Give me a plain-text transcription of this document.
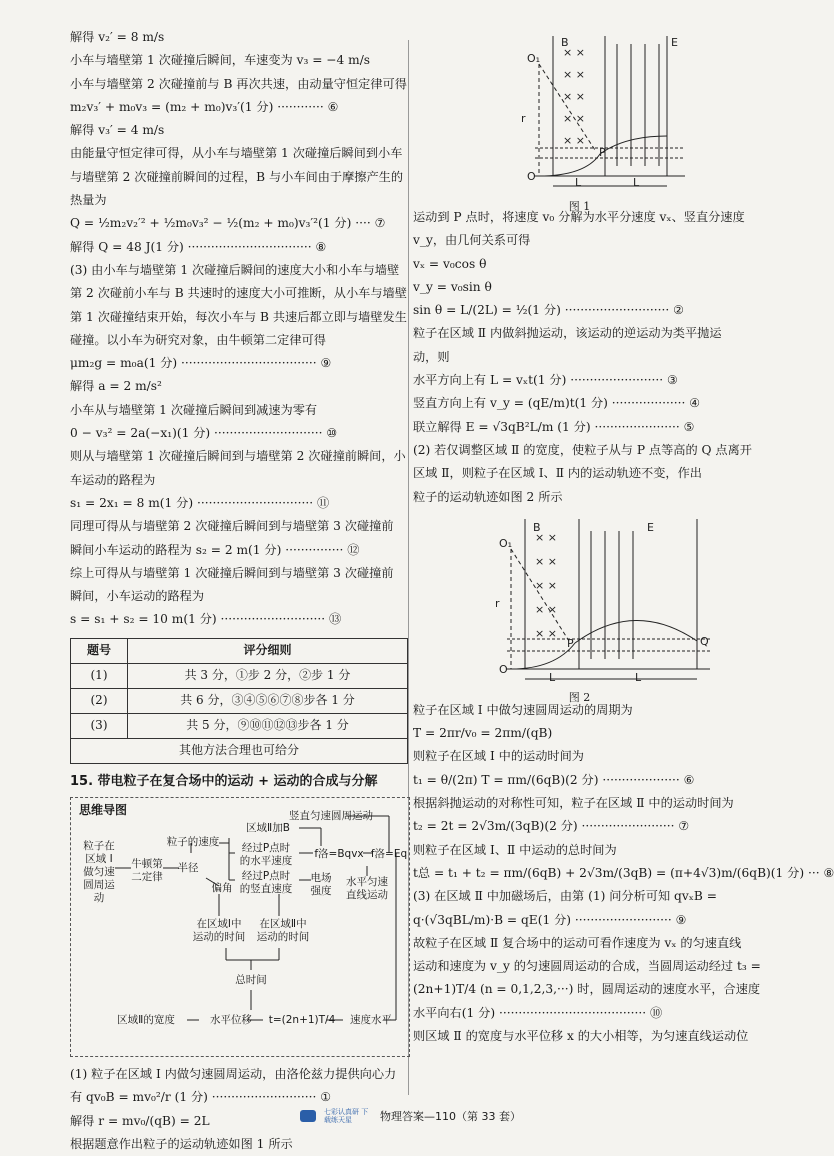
解得 v₂′ = 8 m/s
小车与墙壁第 1 次碰撞后瞬间，车速变为 v₃ = −4 m/s
小车与墙壁第 2 次碰撞前与 B 再次共速，由动量守恒定律可得
m₂v₃′ + m₀v₃ = (m₂ + m₀)v₃′(1 分) ············ ⑥
解得 v₃′ = 4 m/s
由能量守恒定律可得，从小车与墙壁第 1 次碰撞后瞬间到小车
与墙壁第 2 次碰撞前瞬间的过程，B 与小车间由于摩擦产生的
热量为
Q = ½m₂v₂′² + ½m₀v₃² − ½(m₂ + m₀)v₃′²(1 分) ···· ⑦
解得 Q = 48 J(1 分) ································ ⑧
(3) 由小车与墙壁第 1 次碰撞后瞬间的速度大小和小车与墙壁
第 2 次碰前小车与 B 共速时的速度大小可推断，从小车与墙壁
第 1 次碰撞结束开始，每次小车与 B 共速后都立即与墙壁发生
碰撞。以小车为研究对象，由牛顿第二定律可得
μm₂g = m₀a(1 分) ··································· ⑨
解得 a = 2 m/s²
小车从与墙壁第 1 次碰撞后瞬间到减速为零有
0 − v₃² = 2a(−x₁)(1 分) ···························· ⑩
则从与墙壁第 1 次碰撞后瞬间到与墙壁第 2 次碰撞前瞬间，小
车运动的路程为
s₁ = 2x₁ = 8 m(1 分) ······························ ⑪
同理可得从与墙壁第 2 次碰撞后瞬间到与墙壁第 3 次碰撞前
瞬间小车运动的路程为 s₂ = 2 m(1 分) ··············· ⑫
综上可得从与墙壁第 1 次碰撞后瞬间到与墙壁第 3 次碰撞前
瞬间，小车运动的路程为
s = s₁ + s₂ = 10 m(1 分) ··························· ⑬
题号	评分细则
(1)	共 3 分，①步 2 分，②步 1 分
(2)	共 6 分，③④⑤⑥⑦⑧步各 1 分
(3)	共 5 分，⑨⑩⑪⑫⑬步各 1 分
其他方法合理也可给分	
15. 带电粒子在复合场中的运动 + 运动的合成与分解
思维导图
粒子在
区域 Ⅰ
做匀速
圆周运动
牛顿第
二定律
半径
偏角
粒子的速度	经过P点时
的水平速度
经过P点时
的竖直速度
区域Ⅱ加B
f洛=Bqvx f洛=Eq
电场
强度
竖直匀速圆周运动
水平匀速
直线运动
在区域Ⅰ中
运动的时间
在区域Ⅱ中
运动的时间
总时间
区域Ⅱ的宽度	水平位移	t=(2n+1)T/4	速度水平
(1) 粒子在区域 Ⅰ 内做匀速圆周运动，由洛伦兹力提供向心力
有 qv₀B = mv₀²/r (1 分) ··························· ①
解得 r = mv₀/(qB) = 2L
根据题意作出粒子的运动轨迹如图 1 所示
× ×
× ×
× ×
× ×
× ×
O
O₁
r
L	L
E
B
P
图 1
运动到 P 点时，将速度 v₀ 分解为水平分速度 vₓ、竖直分速度
v_y，由几何关系可得
vₓ = v₀cos θ
v_y = v₀sin θ
sin θ = L/(2L) = ½(1 分) ··························· ②
粒子在区域 Ⅱ 内做斜抛运动，该运动的逆运动为类平抛运
动，则
水平方向上有 L = vₓt(1 分) ························ ③
竖直方向上有 v_y = (qE/m)t(1 分) ··················· ④
联立解得 E = √3qB²L/m (1 分) ······················ ⑤
(2) 若仅调整区域 Ⅱ 的宽度，使粒子从与 P 点等高的 Q 点离开
区域 Ⅱ，则粒子在区域 Ⅰ、Ⅱ 内的运动轨迹不变，作出
粒子的运动轨迹如图 2 所示
× ×
× ×
× ×
× ×
× ×
O
O₁
r
L	L
E
B
P	Q
图 2
粒子在区域 Ⅰ 中做匀速圆周运动的周期为
T = 2πr/v₀ = 2πm/(qB)
则粒子在区域 Ⅰ 中的运动时间为
t₁ = θ/(2π) T = πm/(6qB)(2 分) ···················· ⑥
根据斜抛运动的对称性可知，粒子在区域 Ⅱ 中的运动时间为
t₂ = 2t = 2√3m/(3qB)(2 分) ························ ⑦
则粒子在区域 Ⅰ、Ⅱ 中运动的总时间为
t总 = t₁ + t₂ = πm/(6qB) + 2√3m/(3qB) = (π+4√3)m/(6qB)(1 分) ··· ⑧
(3) 在区域 Ⅱ 中加磁场后，由第 (1) 问分析可知 qvₓB =
q·(√3qBL/m)·B = qE(1 分) ························· ⑨
故粒子在区域 Ⅱ 复合场中的运动可看作速度为 vₓ 的匀速直线
运动和速度为 v_y 的匀速圆周运动的合成，当圆周运动经过 t₃ =
(2n+1)T/4 (n = 0,1,2,3,···) 时，圆周运动的速度水平，合速度
水平向右(1 分) ······································ ⑩
则区域 Ⅱ 的宽度与水平位移 x 的大小相等，为匀速直线运动位
七彩认真研 下载练天星	物理答案—110（第 33 套）
